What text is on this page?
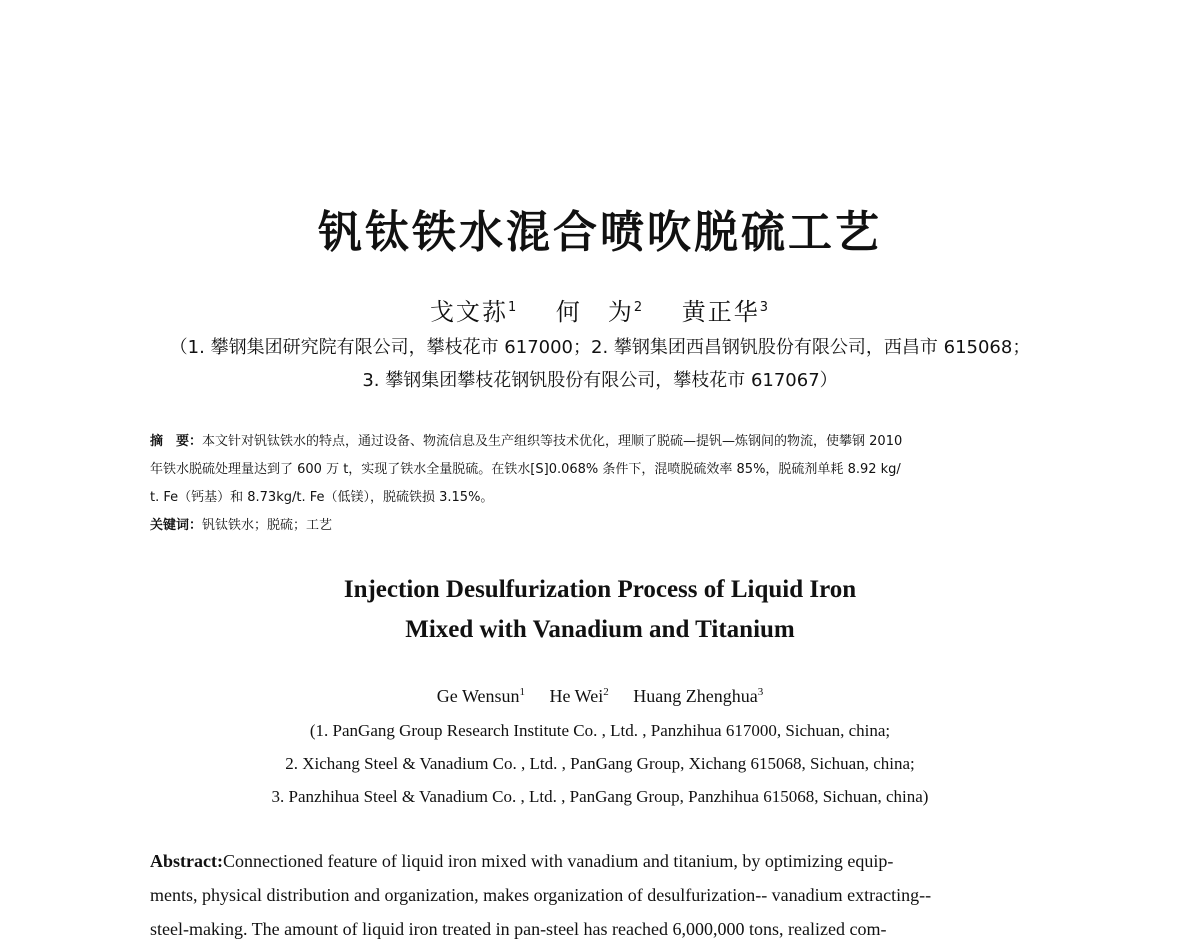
钒钛铁水混合喷吹脱硫工艺
戈文荪$^1$ 何　为$^2$ 黄正华$^3$
（1. 攀钢集团研究院有限公司，攀枝花市 617000；2. 攀钢集团西昌钢钒股份有限公司，西昌市 615068；
3. 攀钢集团攀枝花钢钒股份有限公司，攀枝花市 617067）
摘　要：本文针对钒钛铁水的特点，通过设备、物流信息及生产组织等技术优化，理顺了脱硫—提钒—炼钢间的物流，使攀钢 2010
年铁水脱硫处理量达到了 600 万 t，实现了铁水全量脱硫。在铁水[S]0.068% 条件下，混喷脱硫效率 85%，脱硫剂单耗 8.92 kg/
t. Fe（钙基）和 8.73kg/t. Fe（低镁），脱硫铁损 3.15%。
关键词：钒钛铁水；脱硫；工艺
Injection Desulfurization Process of Liquid Iron
Mixed with Vanadium and Titanium
Ge Wensun$^1$ He Wei$^2$ Huang Zhenghua$^3$
(1. PanGang Group Research Institute Co. , Ltd. , Panzhihua 617000, Sichuan, china;
2. Xichang Steel & Vanadium Co. , Ltd. , PanGang Group, Xichang 615068, Sichuan, china;
3. Panzhihua Steel & Vanadium Co. , Ltd. , PanGang Group, Panzhihua 615068, Sichuan, china)
Abstract:Connectioned feature of liquid iron mixed with vanadium and titanium, by optimizing equip-
ments, physical distribution and organization, makes organization of desulfurization-- vanadium extracting--
steel-making. The amount of liquid iron treated in pan-steel has reached 6,000,000 tons, realized com-
